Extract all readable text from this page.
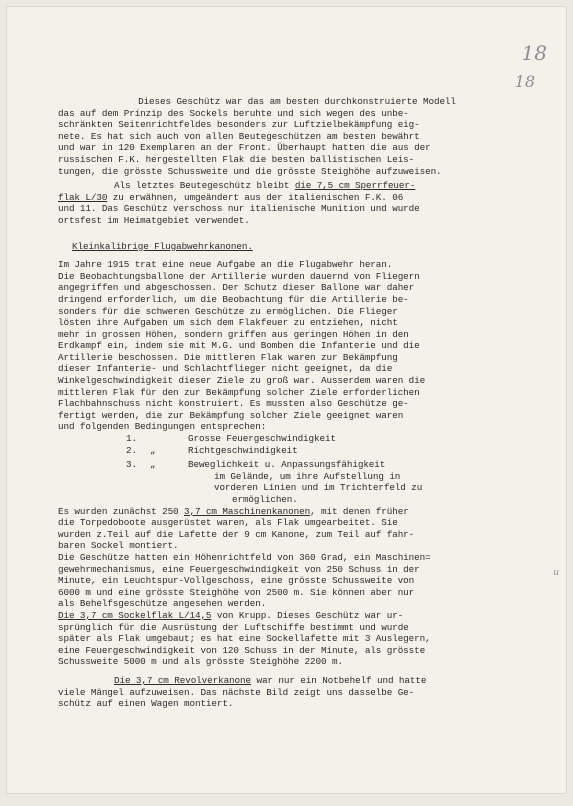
18
18
u
Dieses Geschütz war das am besten durchkonstruierte Modell
das auf dem Prinzip des Sockels beruhte und sich wegen des unbe-
schränkten Seitenrichtfeldes besonders zur Luftzielbekämpfung eig-
nete. Es hat sich auch von allen Beutegeschützen am besten bewährt
und war in 120 Exemplaren an der Front. Überhaupt hatten die aus der
russischen F.K. hergestellten Flak die besten ballistischen Leis-
tungen, die grösste Schussweite und die grösste Steighöhe aufzuweisen.
Als letztes Beutegeschütz bleibt die 7,5 cm Sperrfeuer-
flak L/30 zu erwähnen, umgeändert aus der italienischen F.K. 06
und 11. Das Geschütz verschoss nur italienische Munition und wurde
ortsfest im Heimatgebiet verwendet.
Kleinkalibrige Flugabwehrkanonen.
Im Jahre 1915 trat eine neue Aufgabe an die Flugabwehr heran.
Die Beobachtungsballone der Artillerie wurden dauernd von Fliegern
angegriffen und abgeschossen. Der Schutz dieser Ballone war daher
dringend erforderlich, um die Beobachtung für die Artillerie be-
sonders für die schweren Geschütze zu ermöglichen. Die Flieger
lösten ihre Aufgaben um sich dem Flakfeuer zu entziehen, nicht
mehr in grossen Höhen, sondern griffen aus geringen Höhen in den
Erdkampf ein, indem sie mit M.G. und Bomben die Infanterie und die
Artillerie beschossen. Die mittleren Flak waren zur Bekämpfung
dieser Infanterie- und Schlachtflieger nicht geeignet, da die
Winkelgeschwindigkeit dieser Ziele zu groß war. Ausserdem waren die
mittleren Flak für den zur Bekämpfung solcher Ziele erforderlichen
Flachbahnschuss nicht konstruiert. Es mussten also Geschütze ge-
fertigt werden, die zur Bekämpfung solcher Ziele geeignet waren
und folgenden Bedingungen entsprechen:
1.	Grosse Feuergeschwindigkeit
2.	„	Richtgeschwindigkeit
3.	„	Beweglichkeit u. Anpassungsfähigkeit
im Gelände, um ihre Aufstellung in
vorderen Linien und im Trichterfeld zu
ermöglichen.
Es wurden zunächst 250 3,7 cm Maschinenkanonen, mit denen früher
die Torpedoboote ausgerüstet waren, als Flak umgearbeitet. Sie
wurden z.Teil auf die Lafette der 9 cm Kanone, zum Teil auf fahr-
baren Sockel montiert.
Die Geschütze hatten ein Höhenrichtfeld von 360 Grad, ein Maschinen=
gewehrmechanismus, eine Feuergeschwindigkeit von 250 Schuss in der
Minute, ein Leuchtspur-Vollgeschoss, eine grösste Schussweite von
6000 m und eine grösste Steighöhe von 2500 m. Sie können aber nur
als Behelfsgeschütze angesehen werden.
Die 3,7 cm Sockelflak L/14,5 von Krupp. Dieses Geschütz war ur-
sprünglich für die Ausrüstung der Luftschiffe bestimmt und wurde
später als Flak umgebaut; es hat eine Sockellafette mit 3 Auslegern,
eine Feuergeschwindigkeit von 120 Schuss in der Minute, als grösste
Schussweite 5000 m und als grösste Steighöhe 2200 m.
Die 3,7 cm Revolverkanone war nur ein Notbehelf und hatte
viele Mängel aufzuweisen. Das nächste Bild zeigt uns dasselbe Ge-
schütz auf einen Wagen montiert.
